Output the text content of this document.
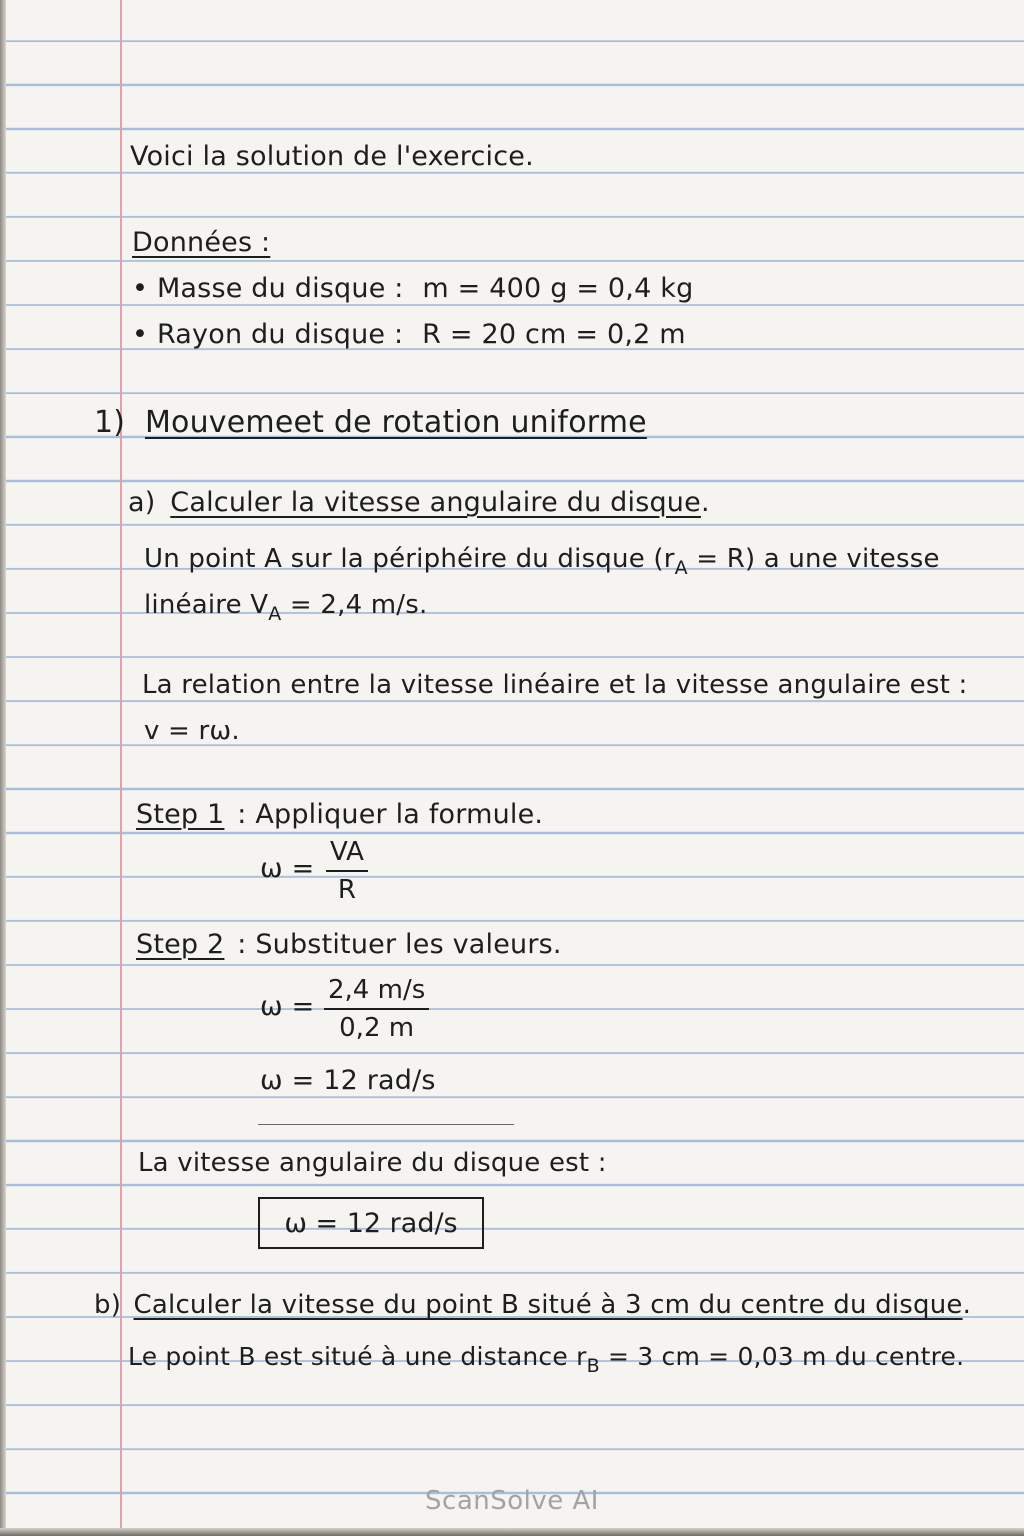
Voici la solution de l'exercice.
Données :
• Masse du disque : m = 400 g = 0,4 kg
• Rayon du disque : R = 20 cm = 0,2 m
1) Mouvemeet de rotation uniforme
a) Calculer la vitesse angulaire du disque.
Un point A sur la périphéire du disque $(r_A = R)$ a une vitesse
linéaire $V_A = 2,4$ m/s.
La relation entre la vitesse linéaire et la vitesse angulaire est :
v = rω.
Step 1 : Appliquer la formule.
$\omega = \frac{VA}{R}$
Step 2 : Substituer les valeurs.
$\omega = \frac{2,4 m/s}{0,2 m}$
ω = 12 rad/s
La vitesse angulaire du disque est :
ω = 12 rad/s
b) Calculer la vitesse du point B situé à 3 cm du centre du disque.
Le point B est situé à une distance $r_B = 3$ cm = 0,03 m du centre.
ScanSolve AI
